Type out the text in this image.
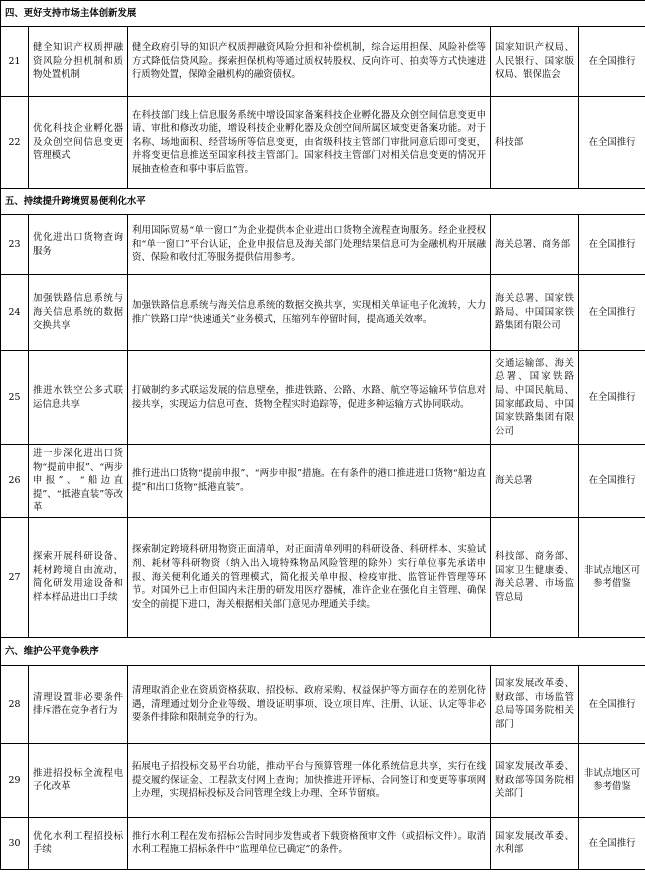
四、更好支持市场主体创新发展				
21	健全知识产权质押融资风险分担机制和质物处置机制	健全政府引导的知识产权质押融资风险分担和补偿机制，综合运用担保、风险补偿等方式降低信贷风险。探索担保机构等通过质权转股权、反向许可、拍卖等方式快速进行质物处置，保障金融机构的融资债权。	国家知识产权局、人民银行、国家版权局、银保监会	在全国推行
22	优化科技企业孵化器及众创空间信息变更管理模式	在科技部门线上信息服务系统中增设国家备案科技企业孵化器及众创空间信息变更申请、审批和修改功能，增设科技企业孵化器及众创空间所属区域变更备案功能。对于名称、场地面积、经营场所等信息变更，由省级科技主管部门审批同意后即可变更，并将变更信息推送至国家科技主管部门。国家科技主管部门对相关信息变更的情况开展抽查检查和事中事后监管。	科技部	在全国推行
五、持续提升跨境贸易便利化水平				
23	优化进出口货物查询服务	利用国际贸易“单一窗口”为企业提供本企业进出口货物全流程查询服务。经企业授权和“单一窗口”平台认证，企业申报信息及海关部门处理结果信息可为金融机构开展融资、保险和收付汇等服务提供信用参考。	海关总署、商务部	在全国推行
24	加强铁路信息系统与海关信息系统的数据交换共享	加强铁路信息系统与海关信息系统的数据交换共享，实现相关单证电子化流转，大力推广铁路口岸“快速通关”业务模式，压缩列车停留时间，提高通关效率。	海关总署、国家铁路局、中国国家铁路集团有限公司	在全国推行
25	推进水铁空公多式联运信息共享	打破制约多式联运发展的信息壁垒，推进铁路、公路、水路、航空等运输环节信息对接共享，实现运力信息可查、货物全程实时追踪等，促进多种运输方式协同联动。	交通运输部、海关总署、国家铁路局、中国民航局、国家邮政局、中国国家铁路集团有限公司	在全国推行
26	进一步深化进出口货物“提前申报”、“两步申报”、“船边直提”、“抵港直装”等改革	推行进出口货物“提前申报”、“两步申报”措施。在有条件的港口推进进口货物“船边直提”和出口货物“抵港直装”。	海关总署	在全国推行
27	探索开展科研设备、耗材跨境自由流动，简化研发用途设备和样本样品进出口手续	探索制定跨境科研用物资正面清单，对正面清单列明的科研设备、科研样本、实验试剂、耗材等科研物资（纳入出入境特殊物品风险管理的除外）实行单位事先承诺申报、海关便利化通关的管理模式，简化报关单申报、检疫审批、监管证件管理等环节。对国外已上市但国内未注册的研发用医疗器械，准许企业在强化自主管理、确保安全的前提下进口，海关根据相关部门意见办理通关手续。	科技部、商务部、国家卫生健康委、海关总署、市场监管总局	非试点地区可参考借鉴
六、维护公平竞争秩序				
28	清理设置非必要条件排斥潜在竞争者行为	清理取消企业在资质资格获取、招投标、政府采购、权益保护等方面存在的差别化待遇，清理通过划分企业等级、增设证明事项、设立项目库、注册、认证、认定等非必要条件排除和限制竞争的行为。	国家发展改革委、财政部、市场监管总局等国务院相关部门	在全国推行
29	推进招投标全流程电子化改革	拓展电子招投标交易平台功能，推动平台与预算管理一体化系统信息共享，实行在线提交履约保证金、工程款支付网上查询；加快推进开评标、合同签订和变更等事项网上办理，实现招标投标及合同管理全线上办理、全环节留痕。	国家发展改革委、财政部等国务院相关部门	非试点地区可参考借鉴
30	优化水利工程招投标手续	推行水利工程在发布招标公告时同步发售或者下载资格预审文件（或招标文件）。取消水利工程施工招标条件中“监理单位已确定”的条件。	国家发展改革委、水利部	在全国推行
